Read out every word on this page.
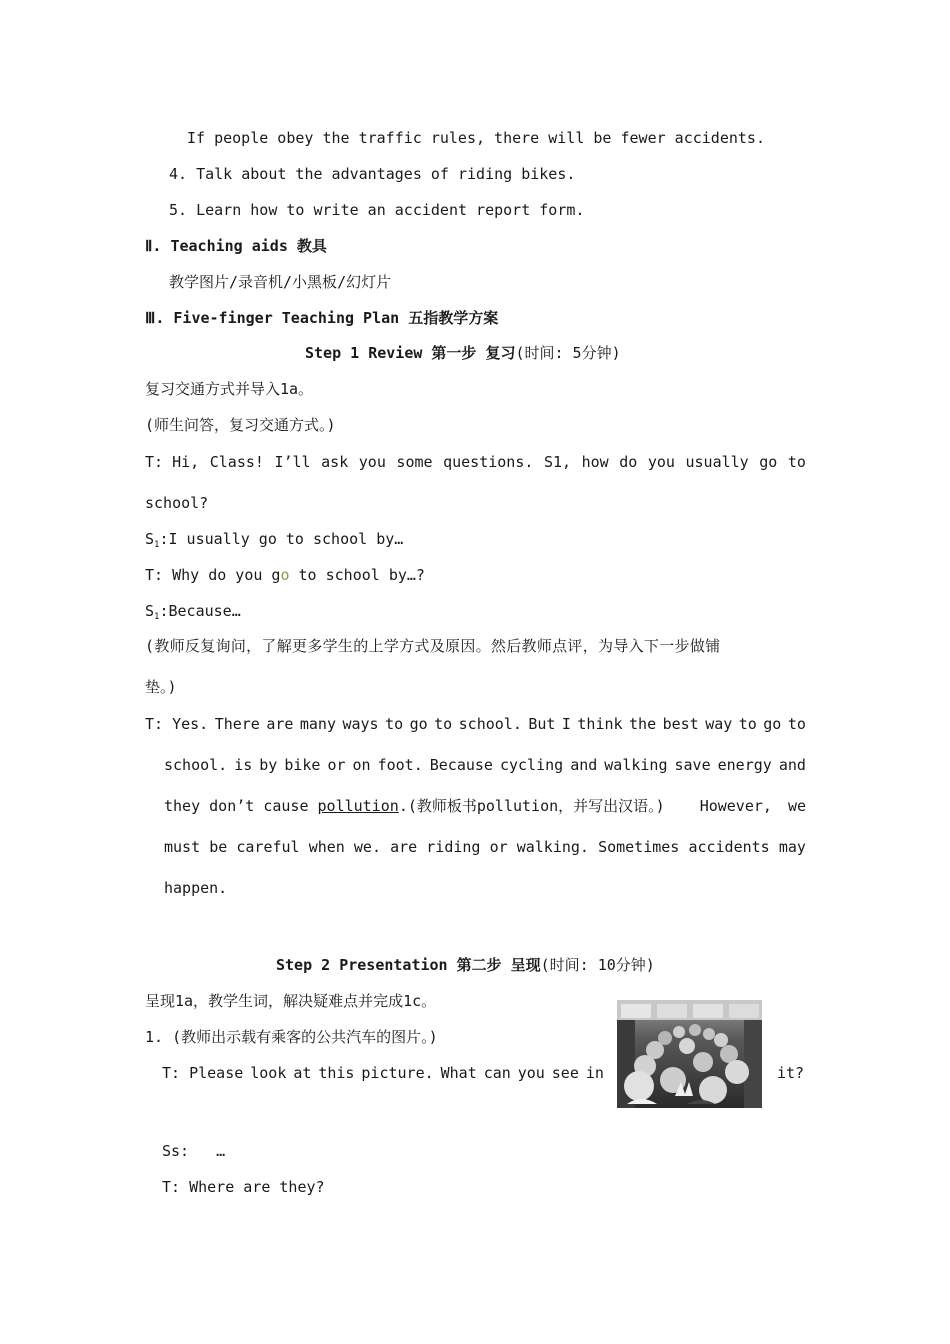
If people obey the traffic rules, there will be fewer accidents.
4. Talk about the advantages of riding bikes.
5. Learn how to write an accident report form.
Ⅱ. Teaching aids 教具
教学图片/录音机/小黑板/幻灯片
Ⅲ. Five-finger Teaching Plan 五指教学方案
Step 1 Review 第一步 复习(时间: 5分钟)
复习交通方式并导入1a。
(师生问答，复习交通方式。)
T: Hi, Class! I’ll ask you some questions. S1, how do you usually go to
school?
$S_1:I$ usually go to school by…
T: Why do you go to school by…?
$S_1:Because\dots$
(教师反复询问，了解更多学生的上学方式及原因。然后教师点评，为导入下一步做铺
垫。)
T: Yes. There are many ways to go to school. But I think the best way to go to
school. is by bike or on foot. Because cycling and walking save energy and
they don’t cause pollution .(教师板书pollution，并写出汉语。) However, we
must be careful when we. are riding or walking. Sometimes accidents may
happen.
Step 2 Presentation 第二步 呈现(时间: 10分钟)
呈现1a，教学生词，解决疑难点并完成1c。
1. (教师出示载有乘客的公共汽车的图片。)
T: Please look at this picture. What can you see in	it?
Ss:   …
T: Where are they?
